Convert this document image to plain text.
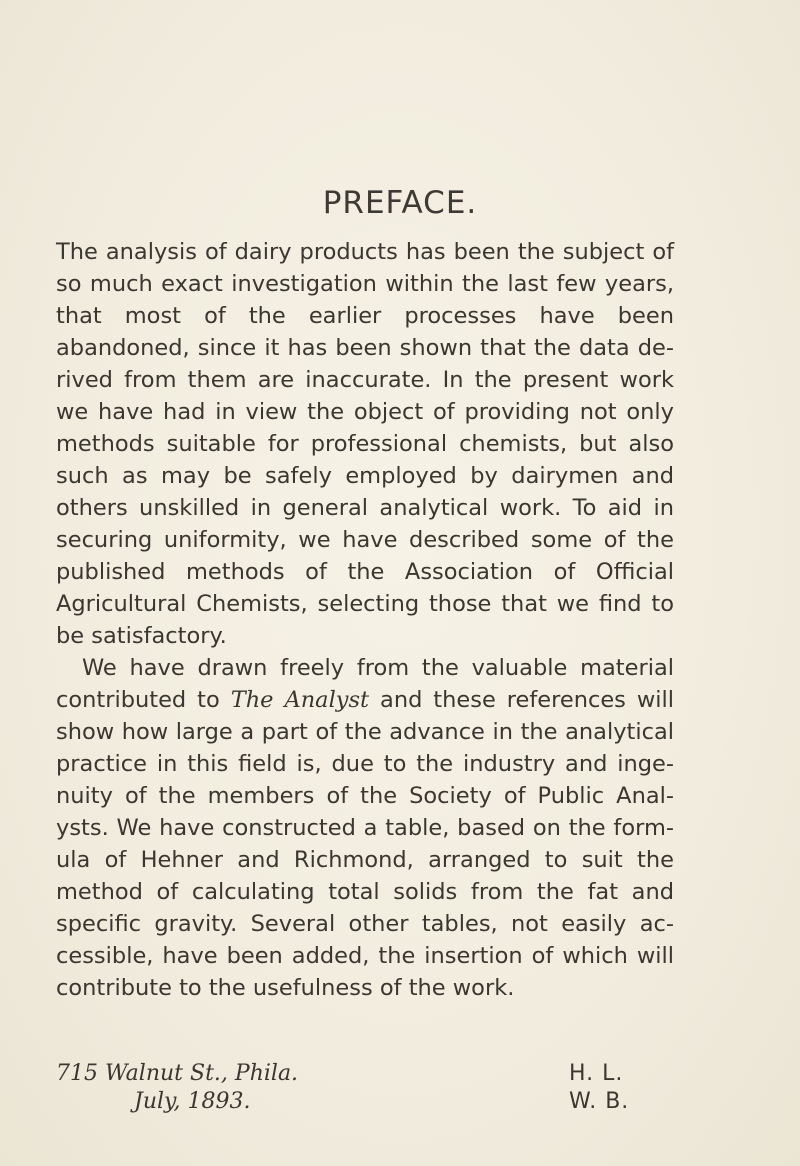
PREFACE.

The analysis of dairy products has been the subject of so much exact investigation within the last few years, that most of the earlier processes have been abandoned, since it has been shown that the data derived from them are inaccurate. In the present work we have had in view the object of providing not only methods suitable for professional chemists, but also such as may be safely employed by dairymen and others unskilled in general analytical work. To aid in securing uniformity, we have described some of the published methods of the Association of Official Agricultural Chemists, selecting those that we find to be satisfactory.

We have drawn freely from the valuable material contributed to The Analyst and these references will show how large a part of the advance in the analytical practice in this field is, due to the industry and ingenuity of the members of the Society of Public Analysts. We have constructed a table, based on the formula of Hehner and Richmond, arranged to suit the method of calculating total solids from the fat and specific gravity. Several other tables, not easily accessible, have been added, the insertion of which will contribute to the usefulness of the work.

715 Walnut St., Phila.	H. L.
July, 1893.	W. B.
